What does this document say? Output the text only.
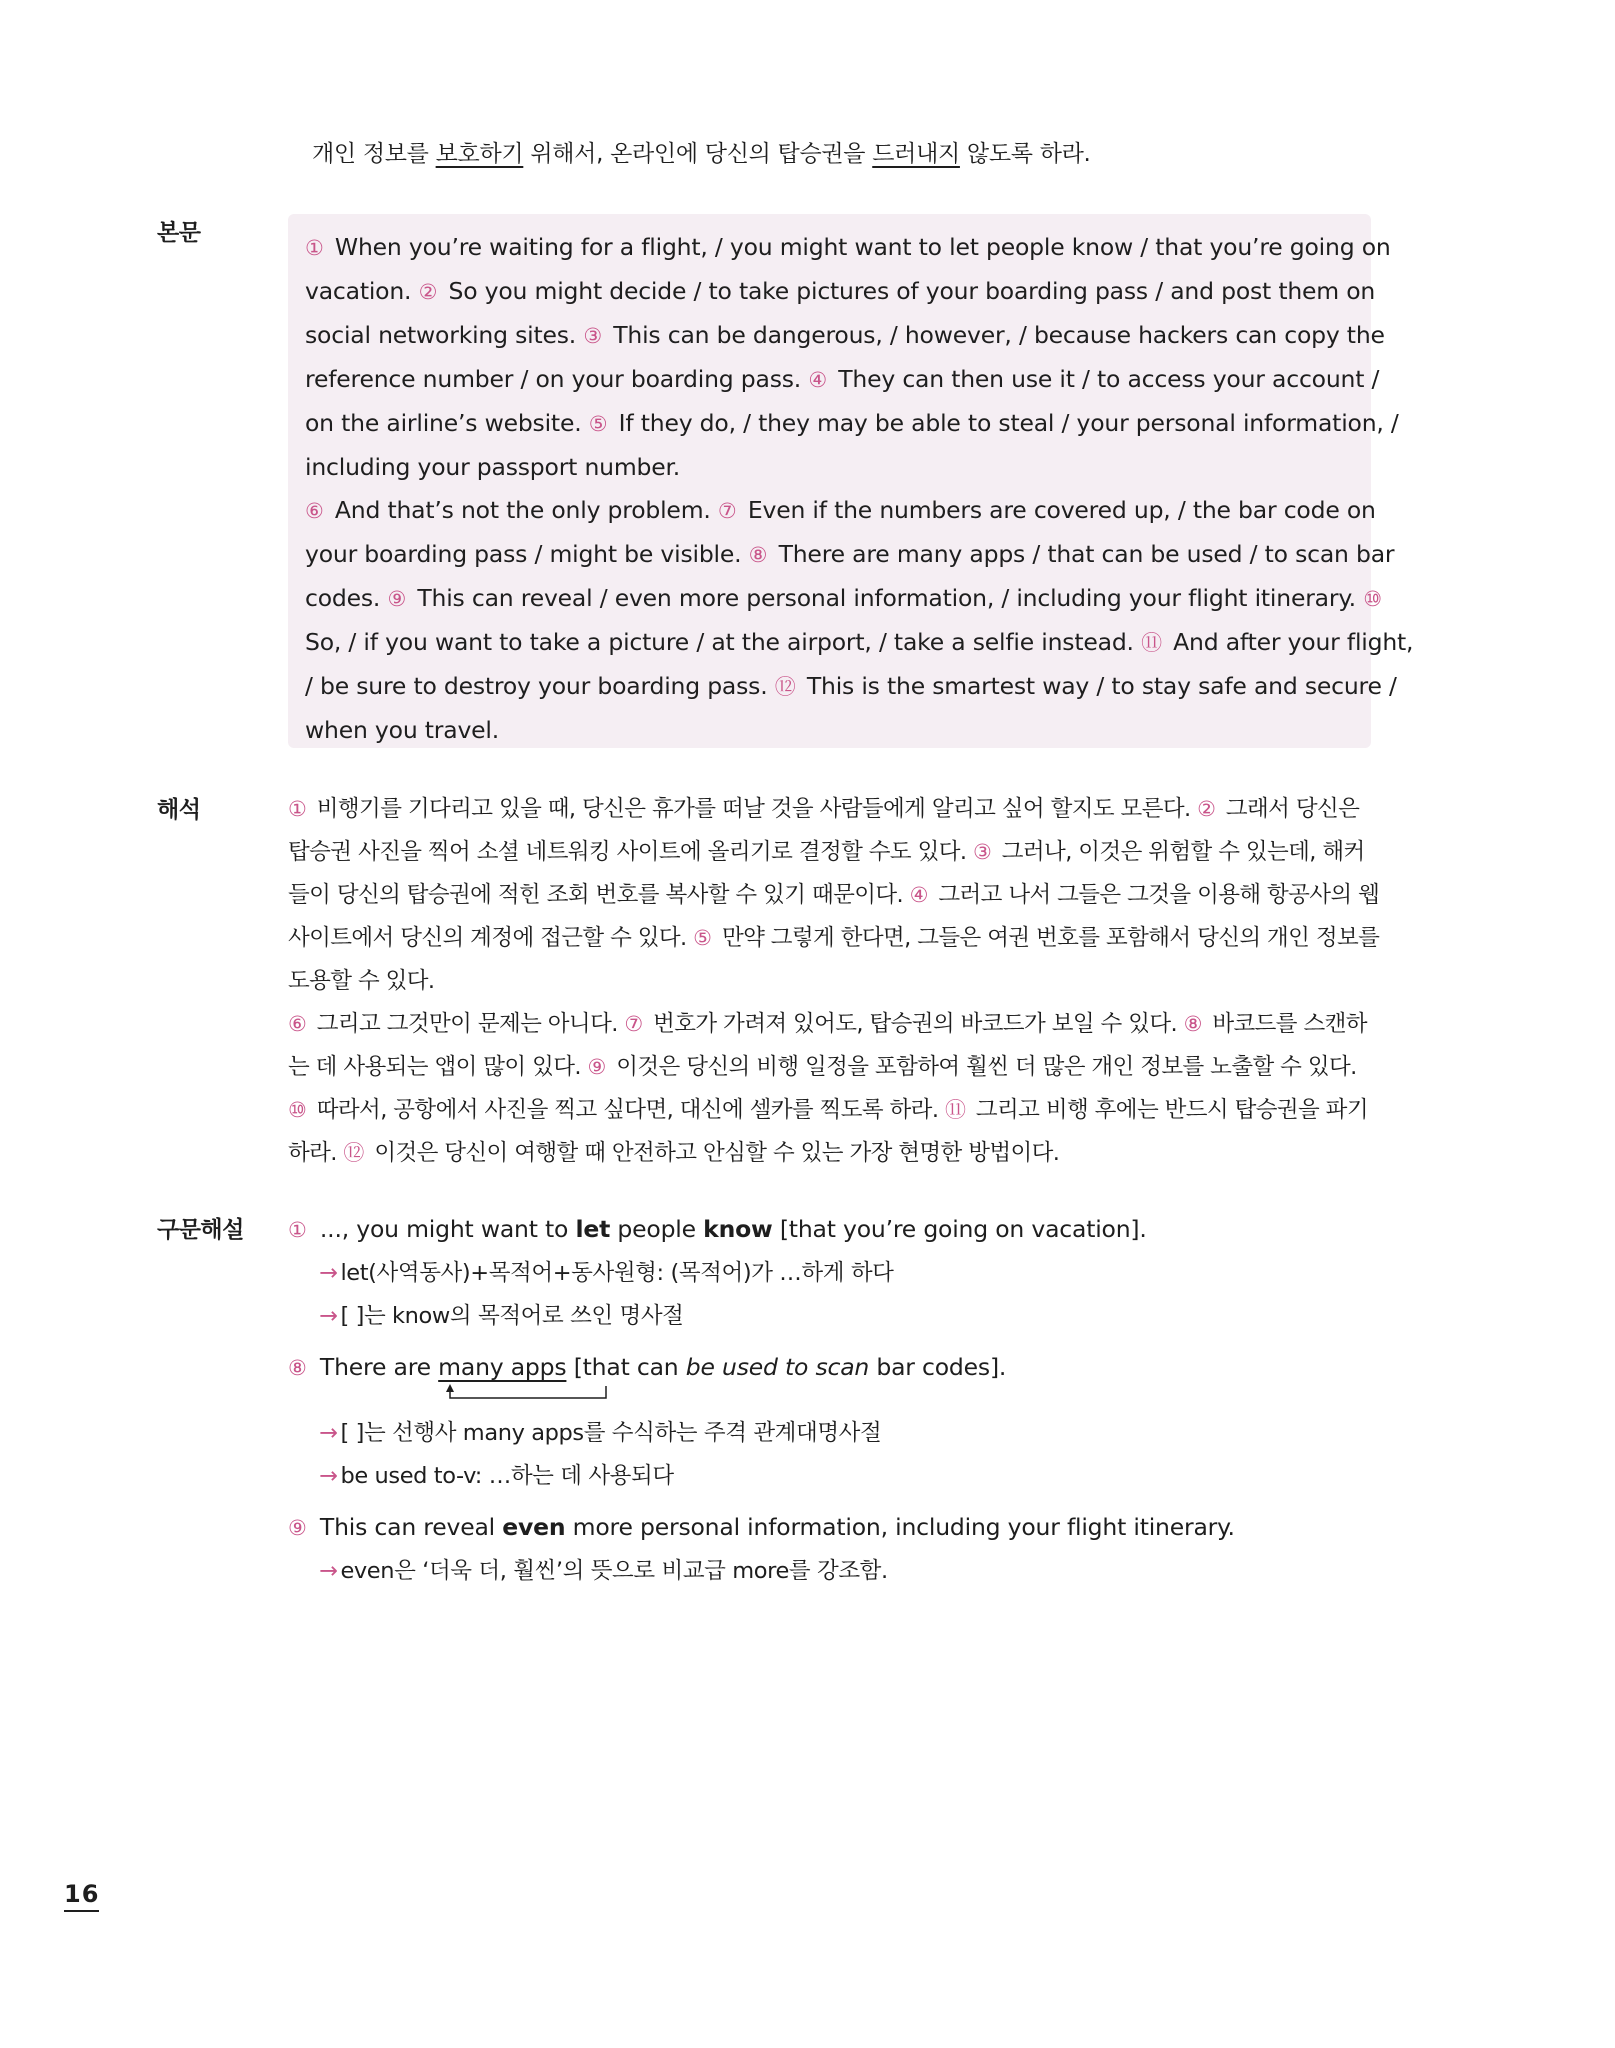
개인 정보를 보호하기 위해서, 온라인에 당신의 탑승권을 드러내지 않도록 하라.
본문
해석
구문해설
① When you’re waiting for a flight, / you might want to let people know / that you’re going on
vacation. ② So you might decide / to take pictures of your boarding pass / and post them on
social networking sites. ③ This can be dangerous, / however, / because hackers can copy the
reference number / on your boarding pass. ④ They can then use it / to access your account /
on the airline’s website. ⑤ If they do, / they may be able to steal / your personal information, /
including your passport number.
⑥ And that’s not the only problem. ⑦ Even if the numbers are covered up, / the bar code on
your boarding pass / might be visible. ⑧ There are many apps / that can be used / to scan bar
codes. ⑨ This can reveal / even more personal information, / including your flight itinerary. ⑩
So, / if you want to take a picture / at the airport, / take a selfie instead. ⑪ And after your flight,
/ be sure to destroy your boarding pass. ⑫ This is the smartest way / to stay safe and secure /
when you travel.
① 비행기를 기다리고 있을 때, 당신은 휴가를 떠날 것을 사람들에게 알리고 싶어 할지도 모른다. ② 그래서 당신은
탑승권 사진을 찍어 소셜 네트워킹 사이트에 올리기로 결정할 수도 있다. ③ 그러나, 이것은 위험할 수 있는데, 해커
들이 당신의 탑승권에 적힌 조회 번호를 복사할 수 있기 때문이다. ④ 그러고 나서 그들은 그것을 이용해 항공사의 웹
사이트에서 당신의 계정에 접근할 수 있다. ⑤ 만약 그렇게 한다면, 그들은 여권 번호를 포함해서 당신의 개인 정보를
도용할 수 있다.
⑥ 그리고 그것만이 문제는 아니다. ⑦ 번호가 가려져 있어도, 탑승권의 바코드가 보일 수 있다. ⑧ 바코드를 스캔하
는 데 사용되는 앱이 많이 있다. ⑨ 이것은 당신의 비행 일정을 포함하여 훨씬 더 많은 개인 정보를 노출할 수 있다.
⑩ 따라서, 공항에서 사진을 찍고 싶다면, 대신에 셀카를 찍도록 하라. ⑪ 그리고 비행 후에는 반드시 탑승권을 파기
하라. ⑫ 이것은 당신이 여행할 때 안전하고 안심할 수 있는 가장 현명한 방법이다.
① ..., you might want to let people know [that you’re going on vacation].
→ let(사역동사)+목적어+동사원형: (목적어)가 …하게 하다
→ [ ]는 know의 목적어로 쓰인 명사절
⑧ There are many apps [that can be used to scan bar codes].
→ [ ]는 선행사 many apps를 수식하는 주격 관계대명사절
→ be used to-v: …하는 데 사용되다
⑨ This can reveal even more personal information, including your flight itinerary.
→ even은 ‘더욱 더, 훨씬’의 뜻으로 비교급 more를 강조함.
16
